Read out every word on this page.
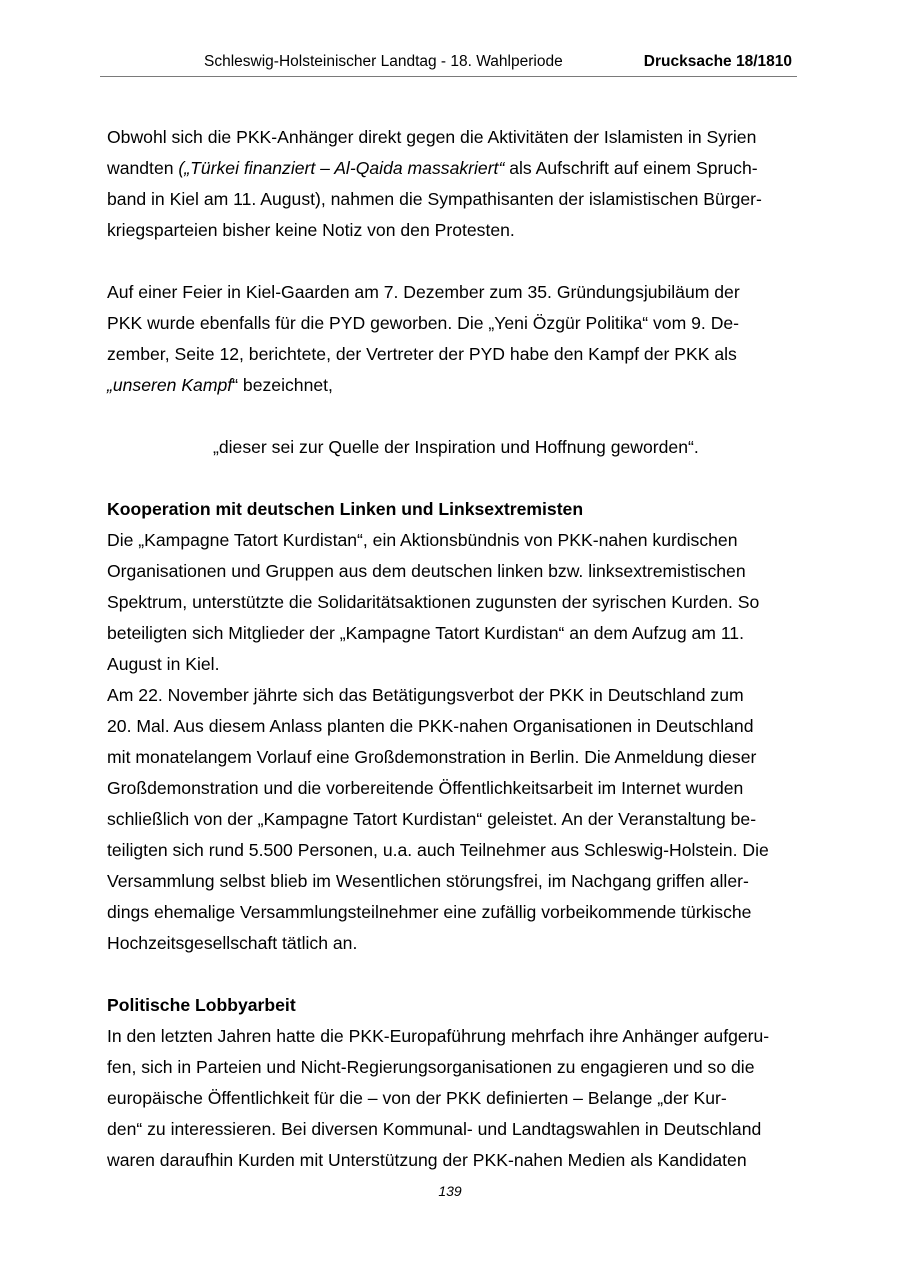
Schleswig-Holsteinischer Landtag - 18. Wahlperiode	Drucksache 18/1810
Obwohl sich die PKK-Anhänger direkt gegen die Aktivitäten der Islamisten in Syrien
wandten („Türkei finanziert – Al-Qaida massakriert“ als Aufschrift auf einem Spruch-
band in Kiel am 11. August), nahmen die Sympathisanten der islamistischen Bürger-
kriegsparteien bisher keine Notiz von den Protesten.
Auf einer Feier in Kiel-Gaarden am 7. Dezember zum 35. Gründungsjubiläum der
PKK wurde ebenfalls für die PYD geworben. Die „Yeni Özgür Politika“ vom 9. De-
zember, Seite 12, berichtete, der Vertreter der PYD habe den Kampf der PKK als
„unseren Kampf“ bezeichnet,
„dieser sei zur Quelle der Inspiration und Hoffnung geworden“.
Kooperation mit deutschen Linken und Linksextremisten
Die „Kampagne Tatort Kurdistan“, ein Aktionsbündnis von PKK-nahen kurdischen
Organisationen und Gruppen aus dem deutschen linken bzw. linksextremistischen
Spektrum, unterstützte die Solidaritätsaktionen zugunsten der syrischen Kurden. So
beteiligten sich Mitglieder der „Kampagne Tatort Kurdistan“ an dem Aufzug am 11.
August in Kiel.
Am 22. November jährte sich das Betätigungsverbot der PKK in Deutschland zum
20. Mal. Aus diesem Anlass planten die PKK-nahen Organisationen in Deutschland
mit monatelangem Vorlauf eine Großdemonstration in Berlin. Die Anmeldung dieser
Großdemonstration und die vorbereitende Öffentlichkeitsarbeit im Internet wurden
schließlich von der „Kampagne Tatort Kurdistan“ geleistet. An der Veranstaltung be-
teiligten sich rund 5.500 Personen, u.a. auch Teilnehmer aus Schleswig-Holstein. Die
Versammlung selbst blieb im Wesentlichen störungsfrei, im Nachgang griffen aller-
dings ehemalige Versammlungsteilnehmer eine zufällig vorbeikommende türkische
Hochzeitsgesellschaft tätlich an.
Politische Lobbyarbeit
In den letzten Jahren hatte die PKK-Europaführung mehrfach ihre Anhänger aufgeru-
fen, sich in Parteien und Nicht-Regierungsorganisationen zu engagieren und so die
europäische Öffentlichkeit für die – von der PKK definierten – Belange „der Kur-
den“ zu interessieren. Bei diversen Kommunal- und Landtagswahlen in Deutschland
waren daraufhin Kurden mit Unterstützung der PKK-nahen Medien als Kandidaten
139
